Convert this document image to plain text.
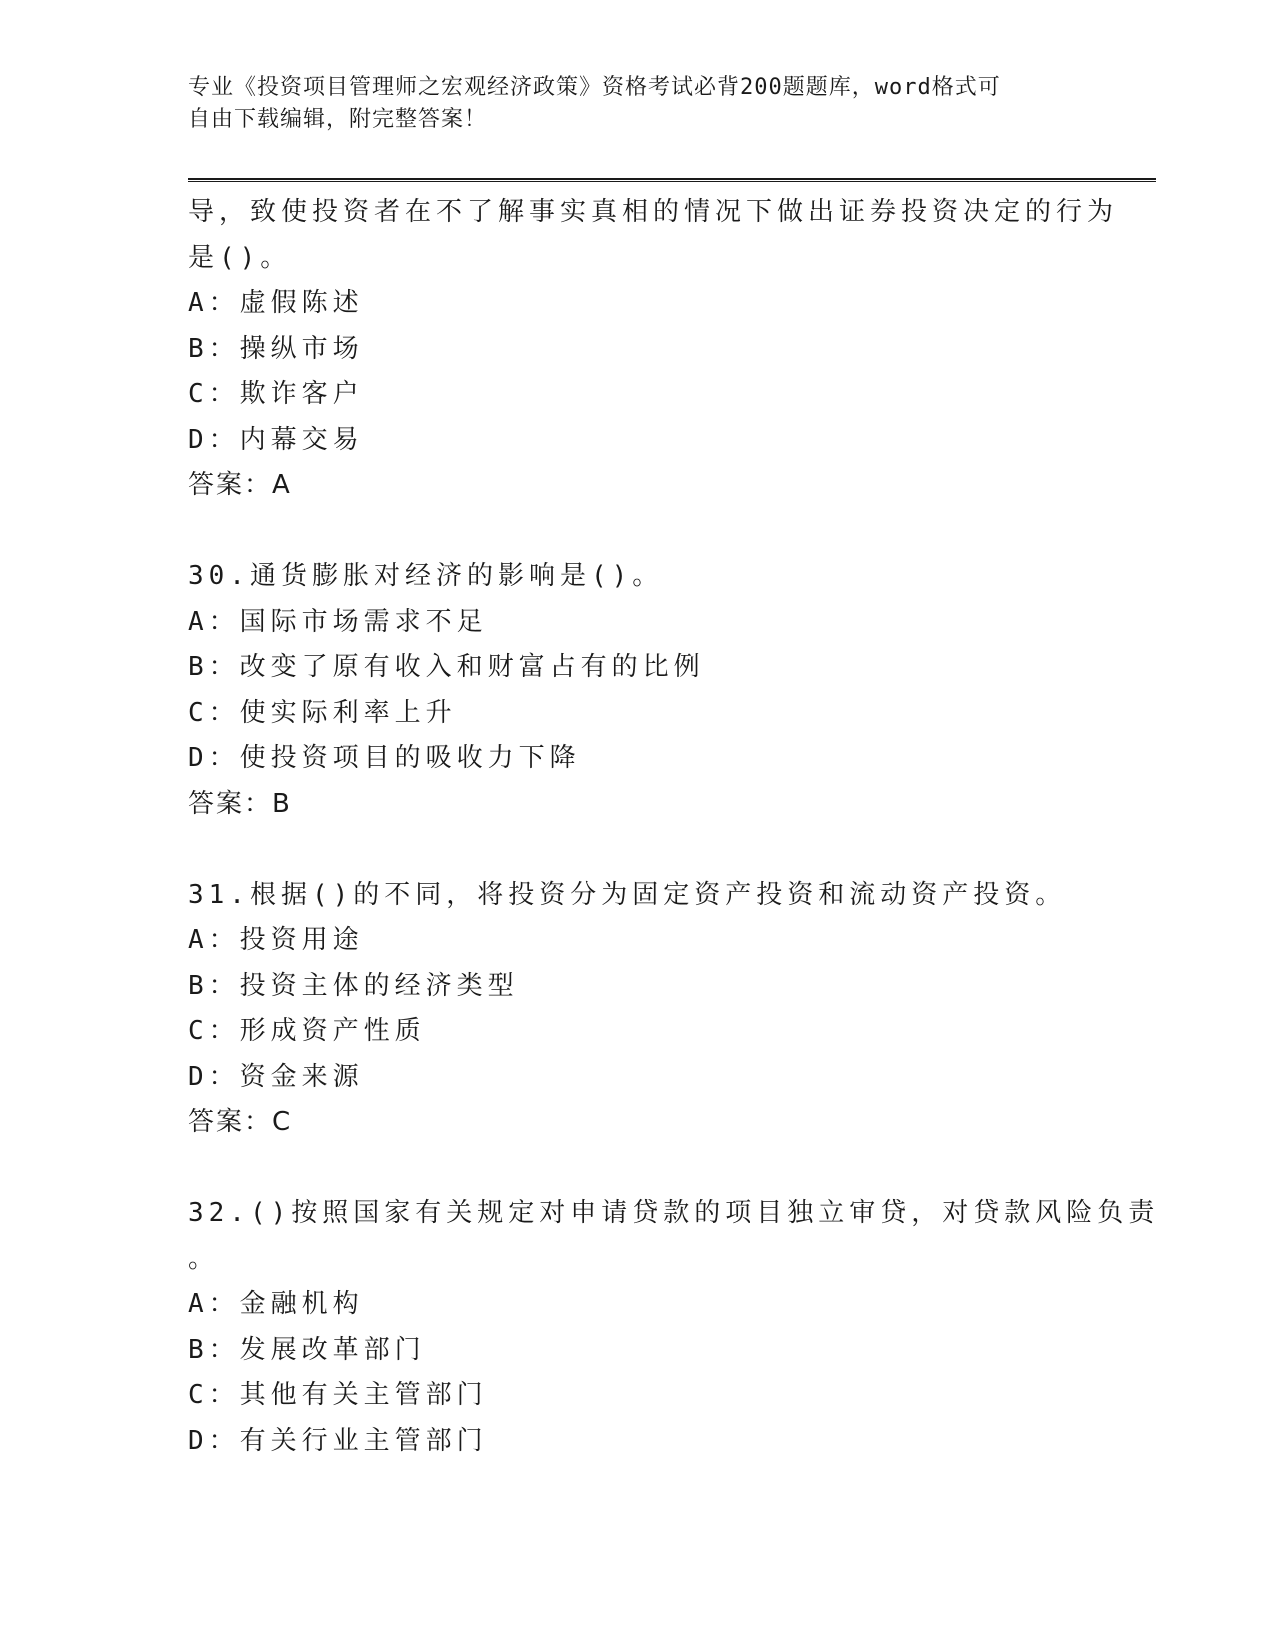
专业《投资项目管理师之宏观经济政策》资格考试必背200题题库，word格式可
自由下载编辑，附完整答案！
导，致使投资者在不了解事实真相的情况下做出证券投资决定的行为
是()。
A：虚假陈述
B：操纵市场
C：欺诈客户
D：内幕交易
答案：A
30.通货膨胀对经济的影响是()。
A：国际市场需求不足
B：改变了原有收入和财富占有的比例
C：使实际利率上升
D：使投资项目的吸收力下降
答案：B
31.根据()的不同，将投资分为固定资产投资和流动资产投资。
A：投资用途
B：投资主体的经济类型
C：形成资产性质
D：资金来源
答案：C
32.()按照国家有关规定对申请贷款的项目独立审贷，对贷款风险负责
。
A：金融机构
B：发展改革部门
C：其他有关主管部门
D：有关行业主管部门
